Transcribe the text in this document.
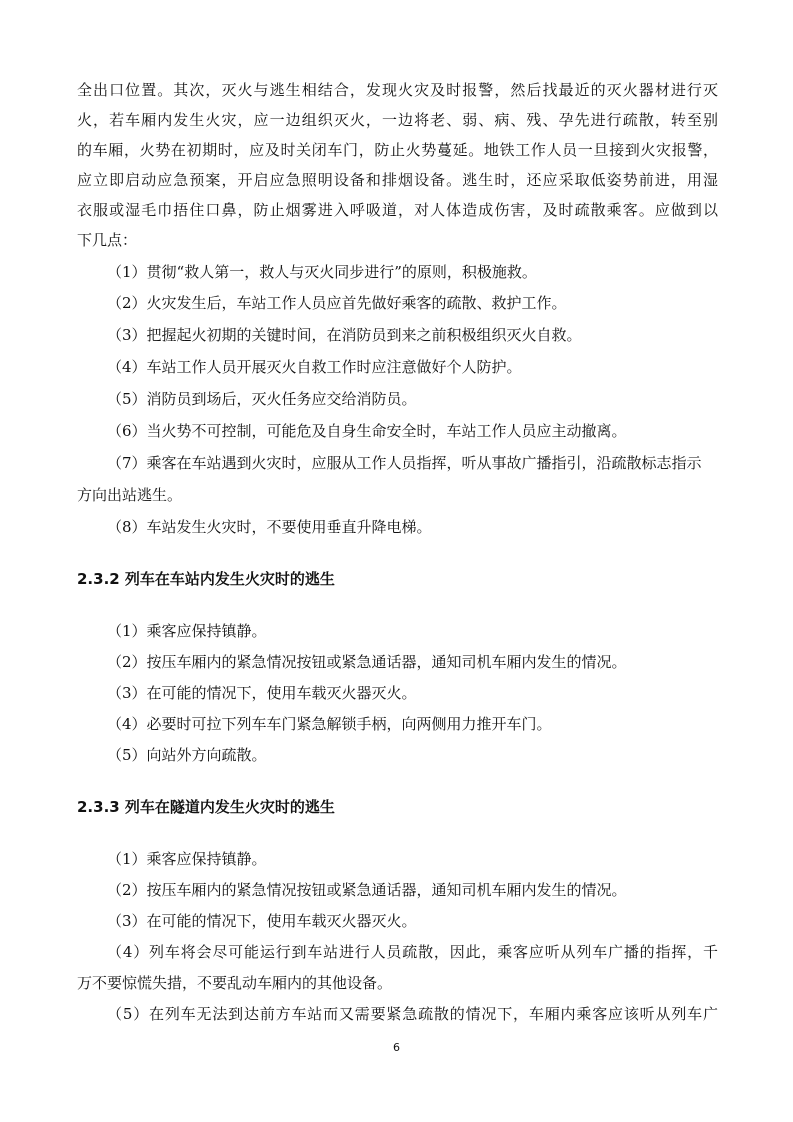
全出口位置。其次，灭火与逃生相结合，发现火灾及时报警，然后找最近的灭火器材进行灭
火，若车厢内发生火灾，应一边组织灭火，一边将老、弱、病、残、孕先进行疏散，转至别
的车厢，火势在初期时，应及时关闭车门，防止火势蔓延。地铁工作人员一旦接到火灾报警，
应立即启动应急预案，开启应急照明设备和排烟设备。逃生时，还应采取低姿势前进，用湿
衣服或湿毛巾捂住口鼻，防止烟雾进入呼吸道，对人体造成伤害，及时疏散乘客。应做到以
下几点：
（1）贯彻“救人第一，救人与灭火同步进行”的原则，积极施救。
（2）火灾发生后，车站工作人员应首先做好乘客的疏散、救护工作。
（3）把握起火初期的关键时间，在消防员到来之前积极组织灭火自救。
（4）车站工作人员开展灭火自救工作时应注意做好个人防护。
（5）消防员到场后，灭火任务应交给消防员。
（6）当火势不可控制，可能危及自身生命安全时，车站工作人员应主动撤离。
（7）乘客在车站遇到火灾时，应服从工作人员指挥，听从事故广播指引，沿疏散标志指示
方向出站逃生。
（8）车站发生火灾时，不要使用垂直升降电梯。
2.3.2 列车在车站内发生火灾时的逃生
（1）乘客应保持镇静。
（2）按压车厢内的紧急情况按钮或紧急通话器，通知司机车厢内发生的情况。
（3）在可能的情况下，使用车载灭火器灭火。
（4）必要时可拉下列车车门紧急解锁手柄，向两侧用力推开车门。
（5）向站外方向疏散。
2.3.3 列车在隧道内发生火灾时的逃生
（1）乘客应保持镇静。
（2）按压车厢内的紧急情况按钮或紧急通话器，通知司机车厢内发生的情况。
（3）在可能的情况下，使用车载灭火器灭火。
（4）列车将会尽可能运行到车站进行人员疏散，因此，乘客应听从列车广播的指挥，千
万不要惊慌失措，不要乱动车厢内的其他设备。
（5）在列车无法到达前方车站而又需要紧急疏散的情况下，车厢内乘客应该听从列车广
6
